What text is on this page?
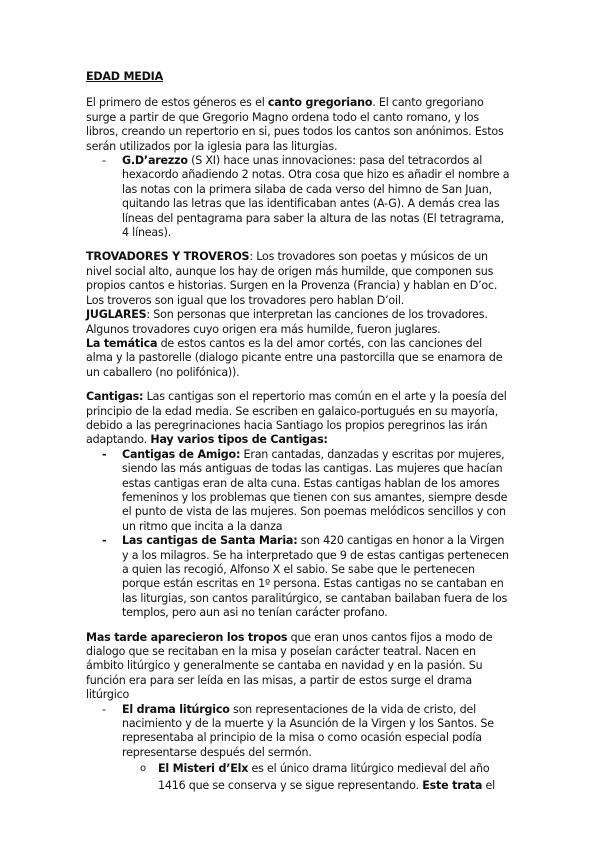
EDAD MEDIA

El primero de estos géneros es el canto gregoriano. El canto gregoriano surge a partir de que Gregorio Magno ordena todo el canto romano, y los libros, creando un repertorio en si, pues todos los cantos son anónimos. Estos serán utilizados por la iglesia para las liturgias.

- G.D’arezzo (S XI) hace unas innovaciones: pasa del tetracordos al hexacordo añadiendo 2 notas. Otra cosa que hizo es añadir el nombre a las notas con la primera silaba de cada verso del himno de San Juan, quitando las letras que las identificaban antes (A-G). A demás crea las líneas del pentagrama para saber la altura de las notas (El tetragrama, 4 líneas).

TROVADORES Y TROVEROS: Los trovadores son poetas y músicos de un nivel social alto, aunque los hay de origen más humilde, que componen sus propios cantos e historias. Surgen en la Provenza (Francia) y hablan en D’oc. Los troveros son igual que los trovadores pero hablan D’oil.

JUGLARES: Son personas que interpretan las canciones de los trovadores. Algunos trovadores cuyo origen era más humilde, fueron juglares.

La temática de estos cantos es la del amor cortés, con las canciones del alma y la pastorelle (dialogo picante entre una pastorcilla que se enamora de un caballero (no polifónica)).

Cantigas: Las cantigas son el repertorio mas común en el arte y la poesía del principio de la edad media. Se escriben en galaico-portugués en su mayoría, debido a las peregrinaciones hacia Santiago los propios peregrinos las irán adaptando. Hay varios tipos de Cantigas:

- Cantigas de Amigo: Eran cantadas, danzadas y escritas por mujeres, siendo las más antiguas de todas las cantigas. Las mujeres que hacían estas cantigas eran de alta cuna. Estas cantigas hablan de los amores femeninos y los problemas que tienen con sus amantes, siempre desde el punto de vista de las mujeres. Son poemas melódicos sencillos y con un ritmo que incita a la danza
- Las cantigas de Santa Maria: son 420 cantigas en honor a la Virgen y a los milagros. Se ha interpretado que 9 de estas cantigas pertenecen a quien las recogió, Alfonso X el sabio. Se sabe que le pertenecen porque están escritas en 1º persona. Estas cantigas no se cantaban en las liturgias, son cantos paralitúrgico, se cantaban bailaban fuera de los templos, pero aun asi no tenían carácter profano.

Mas tarde aparecieron los tropos que eran unos cantos fijos a modo de dialogo que se recitaban en la misa y poseían carácter teatral. Nacen en ámbito litúrgico y generalmente se cantaba en navidad y en la pasión. Su función era para ser leída en las misas, a partir de estos surge el drama litúrgico

- El drama litúrgico son representaciones de la vida de cristo, del nacimiento y de la muerte y la Asunción de la Virgen y los Santos. Se representaba al principio de la misa o como ocasión especial podía representarse después del sermón.
o El Misteri d’Elx es el único drama litúrgico medieval del año 1416 que se conserva y se sigue representando. Este trata el
